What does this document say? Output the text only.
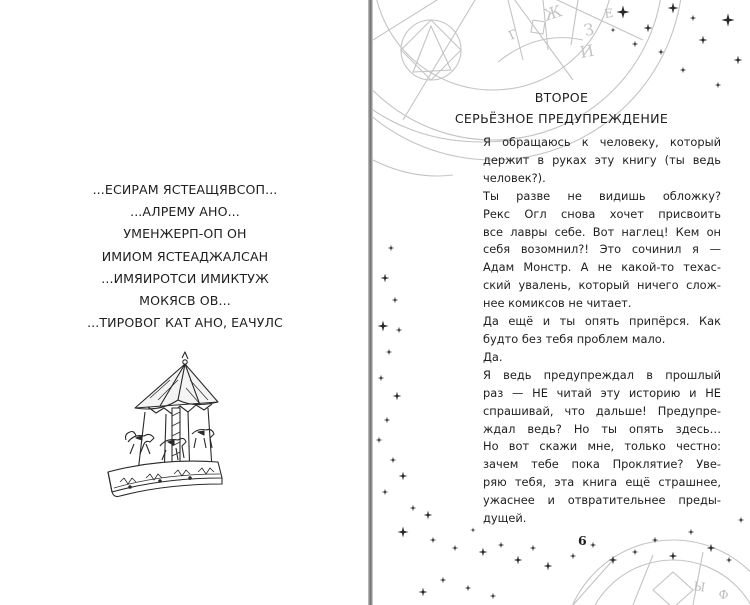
...ЕСИРАМ ЯСТЕАЩЯВСОП...
...АЛРЕМУ АНО...
УМЕНЖЕРП-ОП ОН
ИМИОМ ЯСТЕАДЖАЛСАН
...ИМЯИРОТСИ ИМИКТУЖ
МОКЯСВ ОВ...
...ТИРОВОГ КАТ АНО, ЕАЧУЛС
Ж
З
И
Е
Г
Ы
Ф
ВТОРОЕ
СЕРЬЁЗНОЕ ПРЕДУПРЕЖДЕНИЕ
Я обращаюсь к человеку, который
держит в руках эту книгу (ты ведь
человек?).
Ты разве не видишь обложку?
Рекс Огл снова хочет присвоить
все лавры себе. Вот наглец! Кем он
себя возомнил?! Это сочинил я —
Адам Монстр. А не какой-то техас-
ский увалень, который ничего слож-
нее комиксов не читает.
Да ещё и ты опять припёрся. Как
будто без тебя проблем мало.
Да.
Я ведь предупреждал в прошлый
раз — НЕ читай эту историю и НЕ
спрашивай, что дальше! Предупре-
ждал ведь? Но ты опять здесь…
Но вот скажи мне, только честно:
зачем тебе пока Проклятие? Уве-
ряю тебя, эта книга ещё страшнее,
ужаснее и отвратительнее преды-
дущей.
6
